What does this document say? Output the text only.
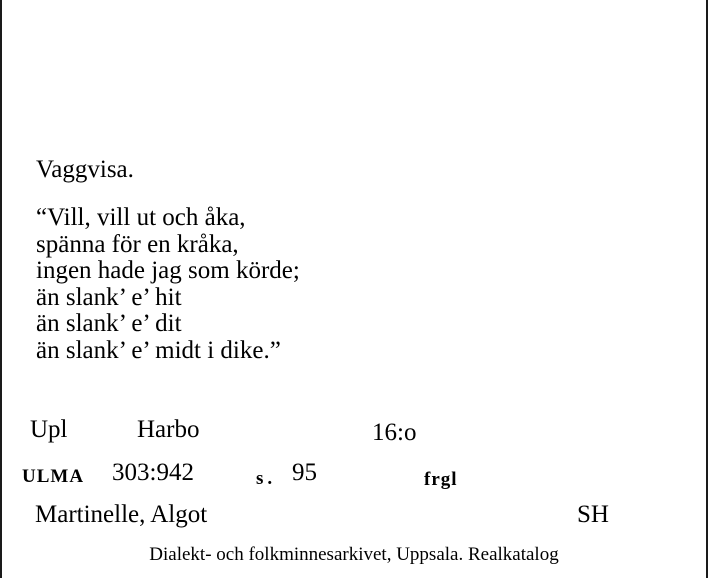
Vaggvisa.
“Vill, vill ut och åka,
spänna för en kråka,
ingen hade jag som körde;
än slank’ e’ hit
än slank’ e’ dit
än slank’ e’ midt i dike.”
Upl	Harbo	16:o
ULMA 303:942	s. 95	frgl
Martinelle, Algot	SH
Dialekt- och folkminnesarkivet, Uppsala. Realkatalog
